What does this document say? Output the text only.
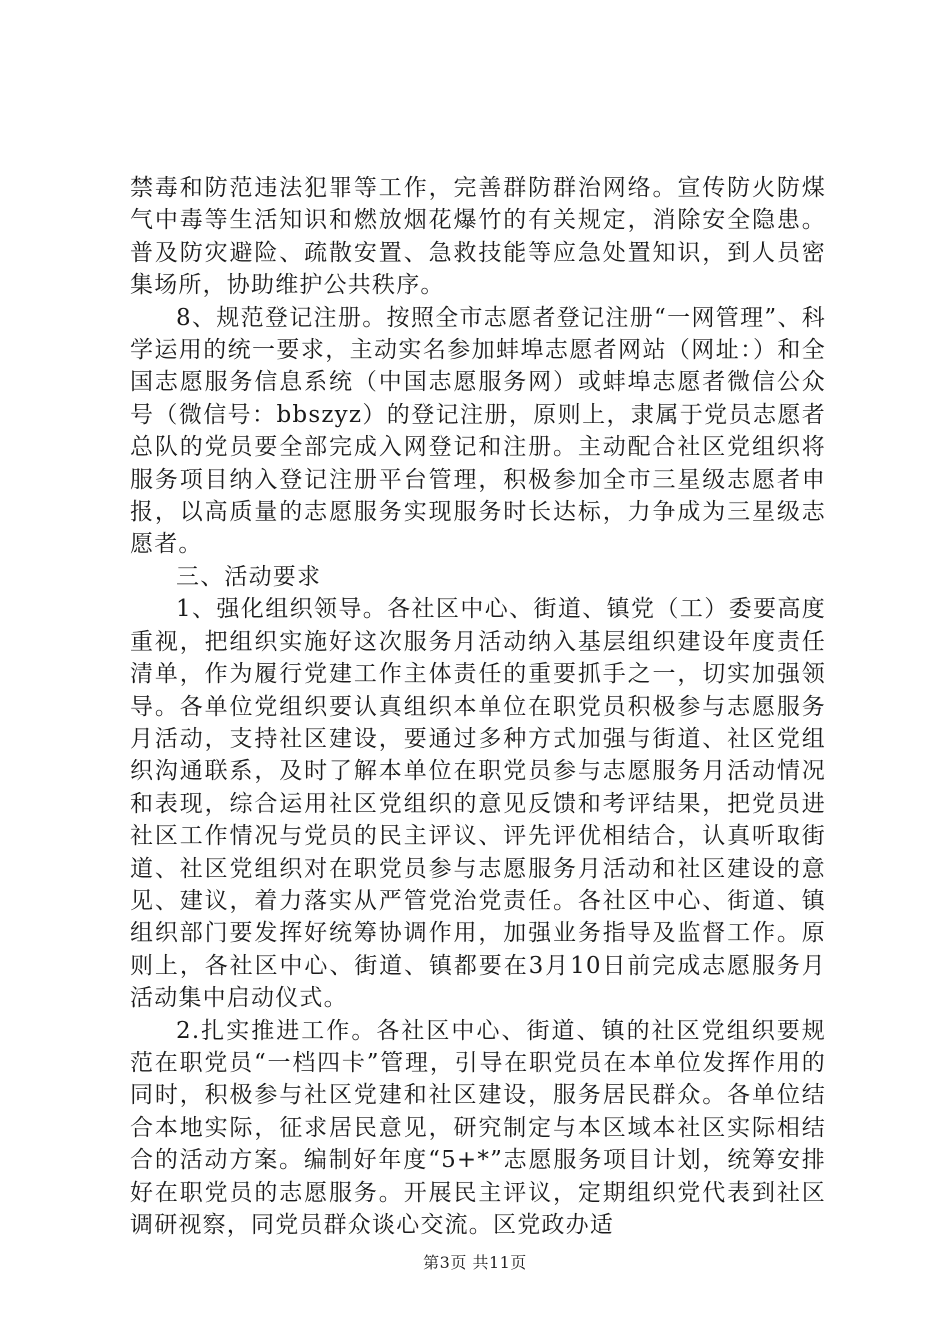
禁毒和防范违法犯罪等工作，完善群防群治网络。宣传防火防煤气中毒等生活知识和燃放烟花爆竹的有关规定，消除安全隐患。普及防灾避险、疏散安置、急救技能等应急处置知识，到人员密集场所，协助维护公共秩序。

8、规范登记注册。按照全市志愿者登记注册“一网管理”、科学运用的统一要求，主动实名参加蚌埠志愿者网站（网址：）和全国志愿服务信息系统（中国志愿服务网）或蚌埠志愿者微信公众号（微信号：bbszyz）的登记注册，原则上，隶属于党员志愿者总队的党员要全部完成入网登记和注册。主动配合社区党组织将服务项目纳入登记注册平台管理，积极参加全市三星级志愿者申报，以高质量的志愿服务实现服务时长达标，力争成为三星级志愿者。

三、活动要求

1、强化组织领导。各社区中心、街道、镇党（工）委要高度重视，把组织实施好这次服务月活动纳入基层组织建设年度责任清单，作为履行党建工作主体责任的重要抓手之一，切实加强领导。各单位党组织要认真组织本单位在职党员积极参与志愿服务月活动，支持社区建设，要通过多种方式加强与街道、社区党组织沟通联系，及时了解本单位在职党员参与志愿服务月活动情况和表现，综合运用社区党组织的意见反馈和考评结果，把党员进社区工作情况与党员的民主评议、评先评优相结合，认真听取街道、社区党组织对在职党员参与志愿服务月活动和社区建设的意见、建议，着力落实从严管党治党责任。各社区中心、街道、镇组织部门要发挥好统筹协调作用，加强业务指导及监督工作。原则上，各社区中心、街道、镇都要在3月10日前完成志愿服务月活动集中启动仪式。

2.扎实推进工作。各社区中心、街道、镇的社区党组织要规范在职党员“一档四卡”管理，引导在职党员在本单位发挥作用的同时，积极参与社区党建和社区建设，服务居民群众。各单位结合本地实际，征求居民意见，研究制定与本区域本社区实际相结合的活动方案。编制好年度“5+*”志愿服务项目计划，统筹安排好在职党员的志愿服务。开展民主评议，定期组织党代表到社区调研视察，同党员群众谈心交流。区党政办适

第3页 共11页
